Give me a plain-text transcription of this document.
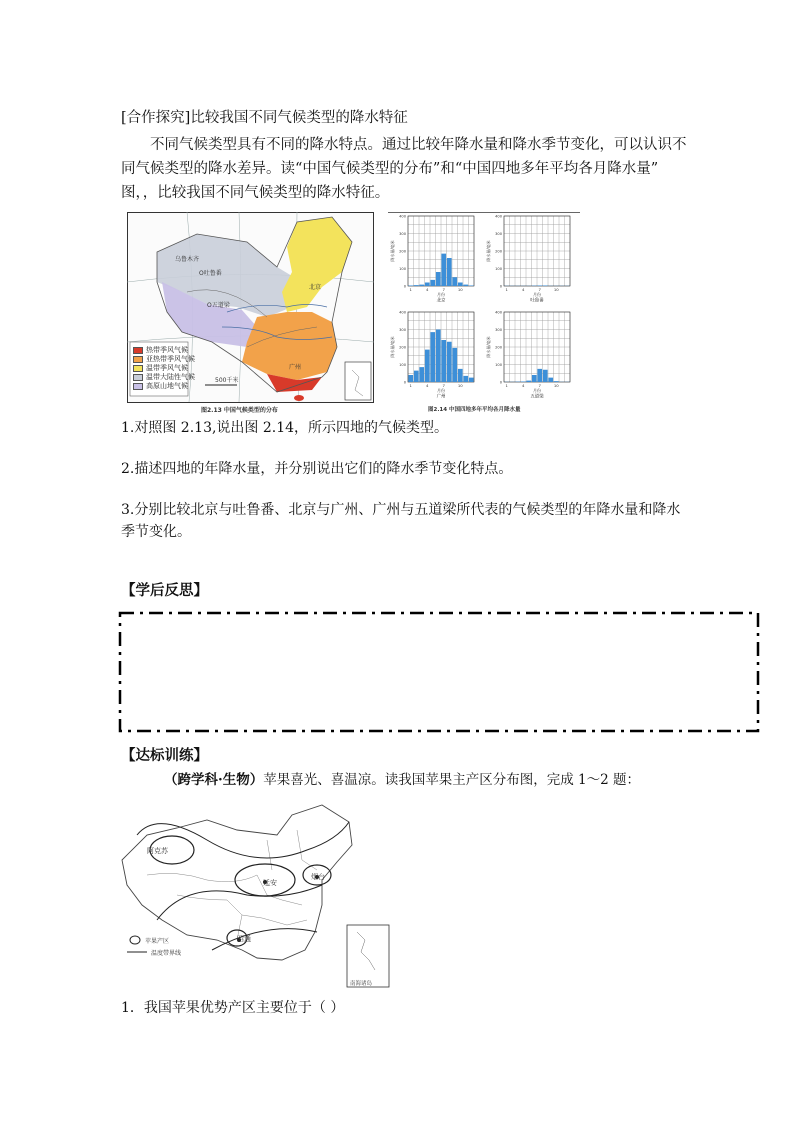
[合作探究]比较我国不同气候类型的降水特征
不同气候类型具有不同的降水特点。通过比较年降水量和降水季节变化，可以认识不
同气候类型的降水差异。读“中国气候类型的分布”和“中国四地多年平均各月降水量”
图，，比较我国不同气候类型的降水特征。
乌鲁木齐
O吐鲁番
O五道梁
北京
广州
500千米
热带季风气候
亚热带季风气候
温带季风气候
温带大陆性气候
高原山地气候
图2.13 中国气候类型的分布
0
100
200
300
400
1	4	7	10
降水量/毫米
月份
北京
0
100
200
300
400
1	4	7	10
降水量/毫米
月份
吐鲁番
0
100
200
300
400
1	4	7	10
降水量/毫米
月份
广州
0
100
200
300
400
1	4	7	10
降水量/毫米
月份
五道梁
图2.14 中国四地多年平均各月降水量
1.对照图 2.13,说出图 2.14，所示四地的气候类型。
2.描述四地的年降水量，并分别说出它们的降水季节变化特点。
3.分别比较北京与吐鲁番、北京与广州、广州与五道梁所代表的气候类型的年降水量和降水
季节变化。
【学后反思】
【达标训练】
（跨学科·生物）苹果喜光、喜温凉。读我国苹果主产区分布图，完成 1～2 题：
阿克苏
延安
烟台
昭通
苹果产区
温度带界线
南海诸岛
1．我国苹果优势产区主要位于（ ）
